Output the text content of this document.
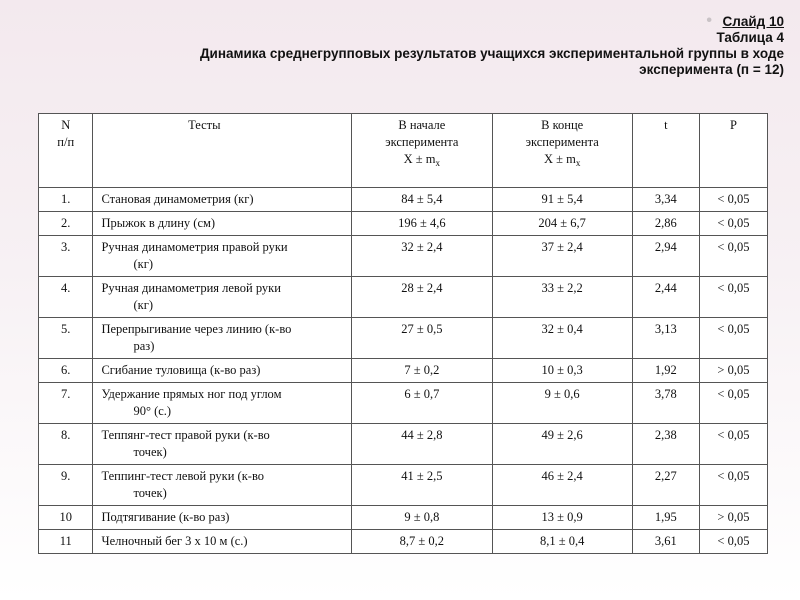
• Слайд 10
Таблица 4
Динамика среднегрупповых результатов учащихся экспериментальной группы в ходе
эксперимента (п = 12)
N
п/п	Тесты	В начале
эксперимента
$Х \pm m_x$	В конце
эксперимента
$Х \pm m_x$	t	Р
1.	Становая динамометрия (кг)	84 ± 5,4	91 ± 5,4	3,34	< 0,05
2.	Прыжок в длину (см)	196 ± 4,6	204 ± 6,7	2,86	< 0,05
3.	Ручная динамометрия правой руки
(кг)	32 ± 2,4	37 ± 2,4	2,94	< 0,05
4.	Ручная динамометрия левой руки
(кг)	28 ± 2,4	33 ± 2,2	2,44	< 0,05
5.	Перепрыгивание через линию (к-во
раз)	27 ± 0,5	32 ± 0,4	3,13	< 0,05
6.	Сгибание туловища (к-во раз)	7 ± 0,2	10 ± 0,3	1,92	> 0,05
7.	Удержание прямых ног под углом
90° (с.)	6 ± 0,7	9 ± 0,6	3,78	< 0,05
8.	Теппянг-тест правой руки (к-во
точек)	44 ± 2,8	49 ± 2,6	2,38	< 0,05
9.	Теппинг-тест левой руки (к-во
точек)	41 ± 2,5	46 ± 2,4	2,27	< 0,05
10	Подтягивание (к-во раз)	9 ± 0,8	13 ± 0,9	1,95	> 0,05
11	Челночный бег 3 х 10 м (с.)	8,7 ± 0,2	8,1 ± 0,4	3,61	< 0,05
